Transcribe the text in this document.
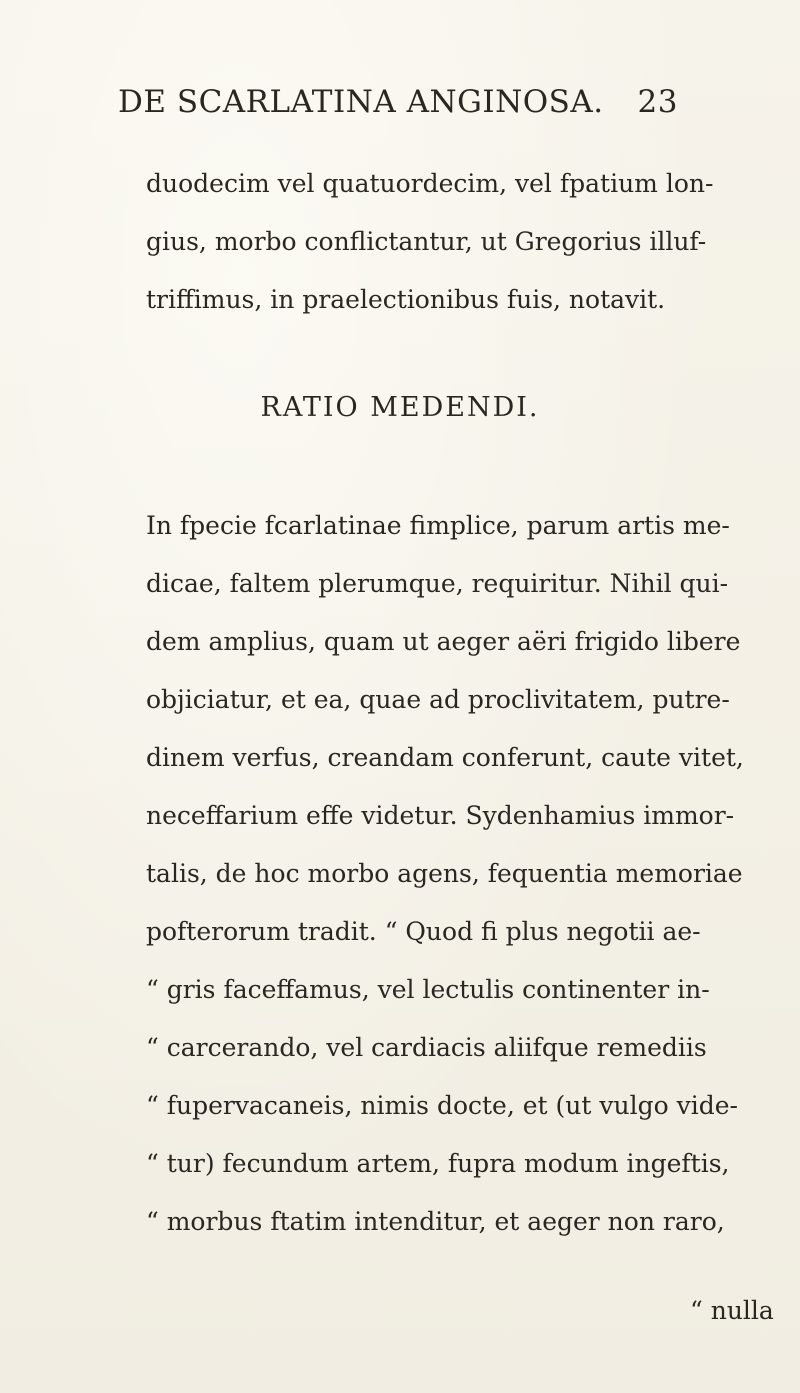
DE SCARLATINA ANGINOSA. 23
duodecim vel quatuordecim, vel fpatium lon-
gius, morbo conflictantur, ut Gregorius illuf-
triffimus, in praelectionibus fuis, notavit.
RATIO MEDENDI.
In fpecie fcarlatinae fimplice, parum artis me-
dicae, faltem plerumque, requiritur. Nihil qui-
dem amplius, quam ut aeger aëri frigido libere
objiciatur, et ea, quae ad proclivitatem, putre-
dinem verfus, creandam conferunt, caute vitet,
neceffarium effe videtur. Sydenhamius immor-
talis, de hoc morbo agens, fequentia memoriae
pofterorum tradit. “ Quod fi plus negotii ae-
“ gris faceffamus, vel lectulis continenter in-
“ carcerando, vel cardiacis aliifque remediis
“ fupervacaneis, nimis docte, et (ut vulgo vide-
“ tur) fecundum artem, fupra modum ingeftis,
“ morbus ftatim intenditur, et aeger non raro,
“ nulla
